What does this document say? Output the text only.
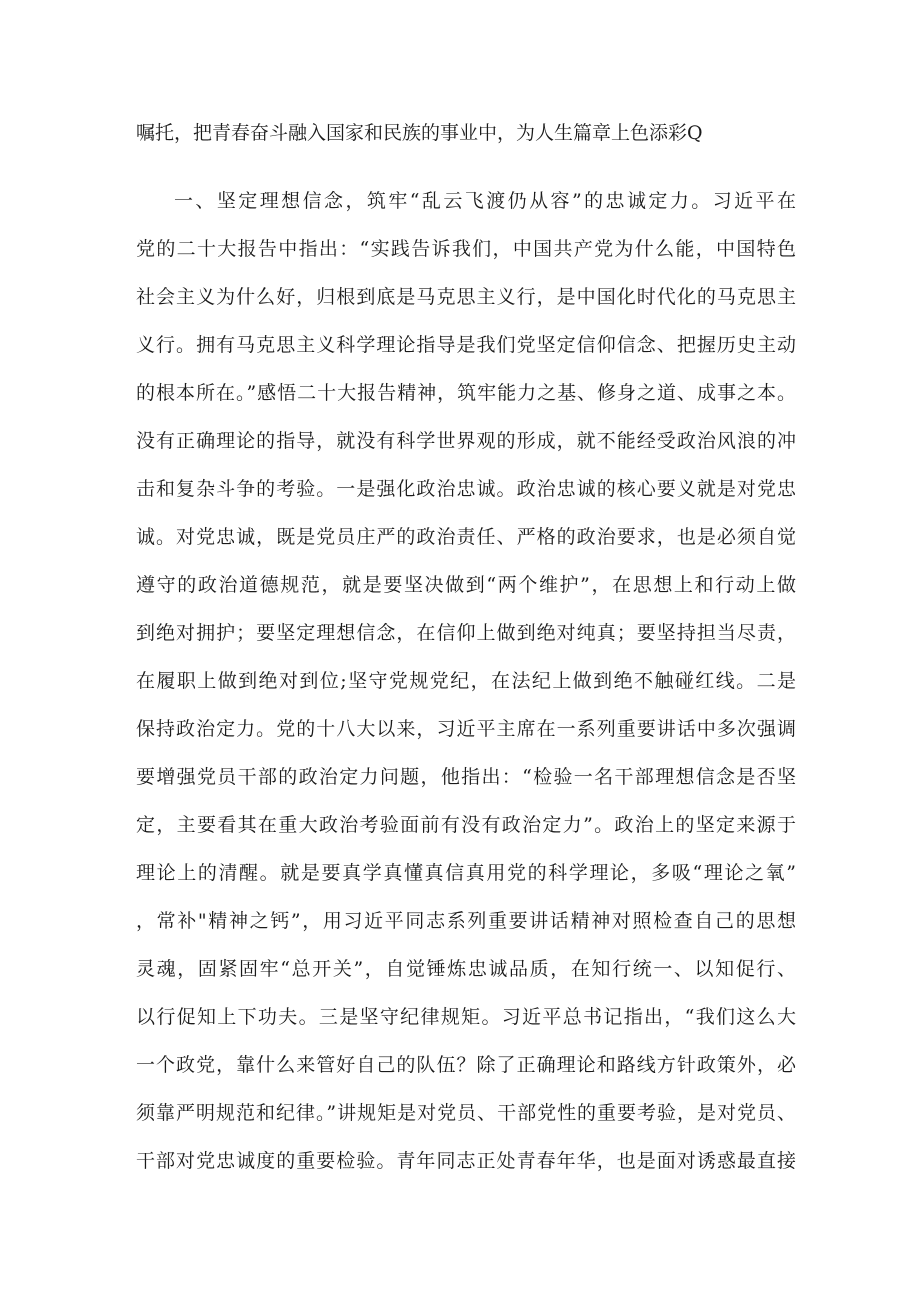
嘱托，把青春奋斗融入国家和民族的事业中，为人生篇章上色添彩Q
一、坚定理想信念，筑牢“乱云飞渡仍从容”的忠诚定力。习近平在
党的二十大报告中指出：“实践告诉我们，中国共产党为什么能，中国特色
社会主义为什么好，归根到底是马克思主义行，是中国化时代化的马克思主
义行。拥有马克思主义科学理论指导是我们党坚定信仰信念、把握历史主动
的根本所在。”感悟二十大报告精神，筑牢能力之基、修身之道、成事之本。
没有正确理论的指导，就没有科学世界观的形成，就不能经受政治风浪的冲
击和复杂斗争的考验。一是强化政治忠诚。政治忠诚的核心要义就是对党忠
诚。对党忠诚，既是党员庄严的政治责任、严格的政治要求，也是必须自觉
遵守的政治道德规范，就是要坚决做到“两个维护”，在思想上和行动上做
到绝对拥护；要坚定理想信念，在信仰上做到绝对纯真；要坚持担当尽责，
在履职上做到绝对到位;坚守党规党纪，在法纪上做到绝不触碰红线。二是
保持政治定力。党的十八大以来，习近平主席在一系列重要讲话中多次强调
要增强党员干部的政治定力问题，他指出：“检验一名干部理想信念是否坚
定，主要看其在重大政治考验面前有没有政治定力”。政治上的坚定来源于
理论上的清醒。就是要真学真懂真信真用党的科学理论，多吸“理论之氧”
，常补"精神之钙”，用习近平同志系列重要讲话精神对照检查自己的思想
灵魂，固紧固牢“总开关”，自觉锤炼忠诚品质，在知行统一、以知促行、
以行促知上下功夫。三是坚守纪律规矩。习近平总书记指出，“我们这么大
一个政党，靠什么来管好自己的队伍？除了正确理论和路线方针政策外，必
须靠严明规范和纪律。”讲规矩是对党员、干部党性的重要考验，是对党员、
干部对党忠诚度的重要检验。青年同志正处青春年华，也是面对诱惑最直接
